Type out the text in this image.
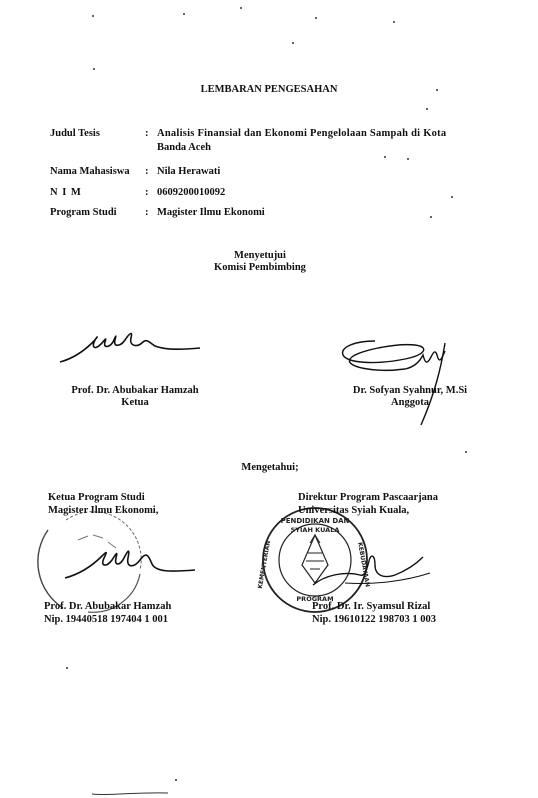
LEMBARAN PENGESAHAN
Judul Tesis	: Analisis Finansial dan Ekonomi Pengelolaan Sampah di Kota
Banda Aceh
Nama Mahasiswa : Nila Herawati
N I M	: 0609200010092
Program Studi	: Magister Ilmu Ekonomi
Menyetujui
Komisi Pembimbing
Prof. Dr. Abubakar Hamzah
Ketua
Dr. Sofyan Syahnur, M.Si
Anggota
Mengetahui;
PENDIDIKAN DAN
SYIAH KUALA
PROGRAM
KEMENTERIAN	KEBUDAYAAN
Ketua Program Studi
Magister Ilmu Ekonomi,
Direktur Program Pascaarjana
Universitas Syiah Kuala,
Prof. Dr. Abubakar Hamzah
Nip. 19440518 197404 1 001
Prof. Dr. Ir. Syamsul Rizal
Nip. 19610122 198703 1 003
